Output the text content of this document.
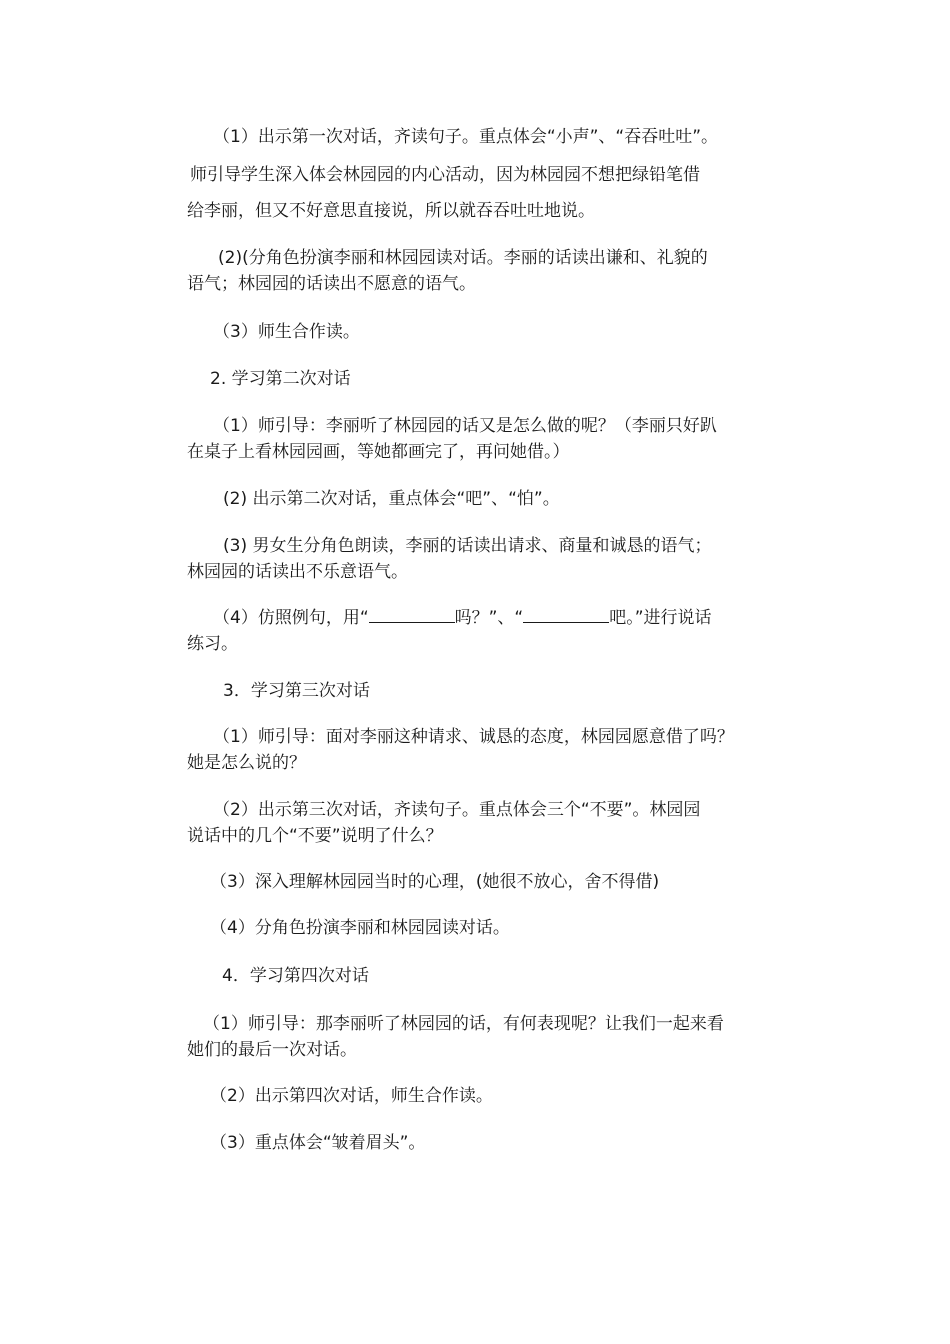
（1）出示第一次对话，齐读句子。重点体会“小声”、“吞吞吐吐”。

师引导学生深入体会林园园的内心活动，因为林园园不想把绿铅笔借

给李丽，但又不好意思直接说，所以就吞吞吐吐地说。

(2)(分角色扮演李丽和林园园读对话。李丽的话读出谦和、礼貌的

语气；林园园的话读出不愿意的语气。

（3）师生合作读。

2. 学习第二次对话

（1）师引导：李丽听了林园园的话又是怎么做的呢？（李丽只好趴

在桌子上看林园园画，等她都画完了，再问她借。）

(2) 出示第二次对话，重点体会“吧”、“怕”。

(3) 男女生分角色朗读，李丽的话读出请求、商量和诚恳的语气；

林园园的话读出不乐意语气。

（4）仿照例句，用“	吗？”、“	吧。”进行说话

练习。

3．学习第三次对话

（1）师引导：面对李丽这种请求、诚恳的态度，林园园愿意借了吗？

她是怎么说的？

（2）出示第三次对话，齐读句子。重点体会三个“不要”。林园园

说话中的几个“不要”说明了什么？

（3）深入理解林园园当时的心理，(她很不放心，舍不得借)

（4）分角色扮演李丽和林园园读对话。

4．学习第四次对话

（1）师引导：那李丽听了林园园的话，有何表现呢？让我们一起来看

她们的最后一次对话。

（2）出示第四次对话，师生合作读。

（3）重点体会“皱着眉头”。
